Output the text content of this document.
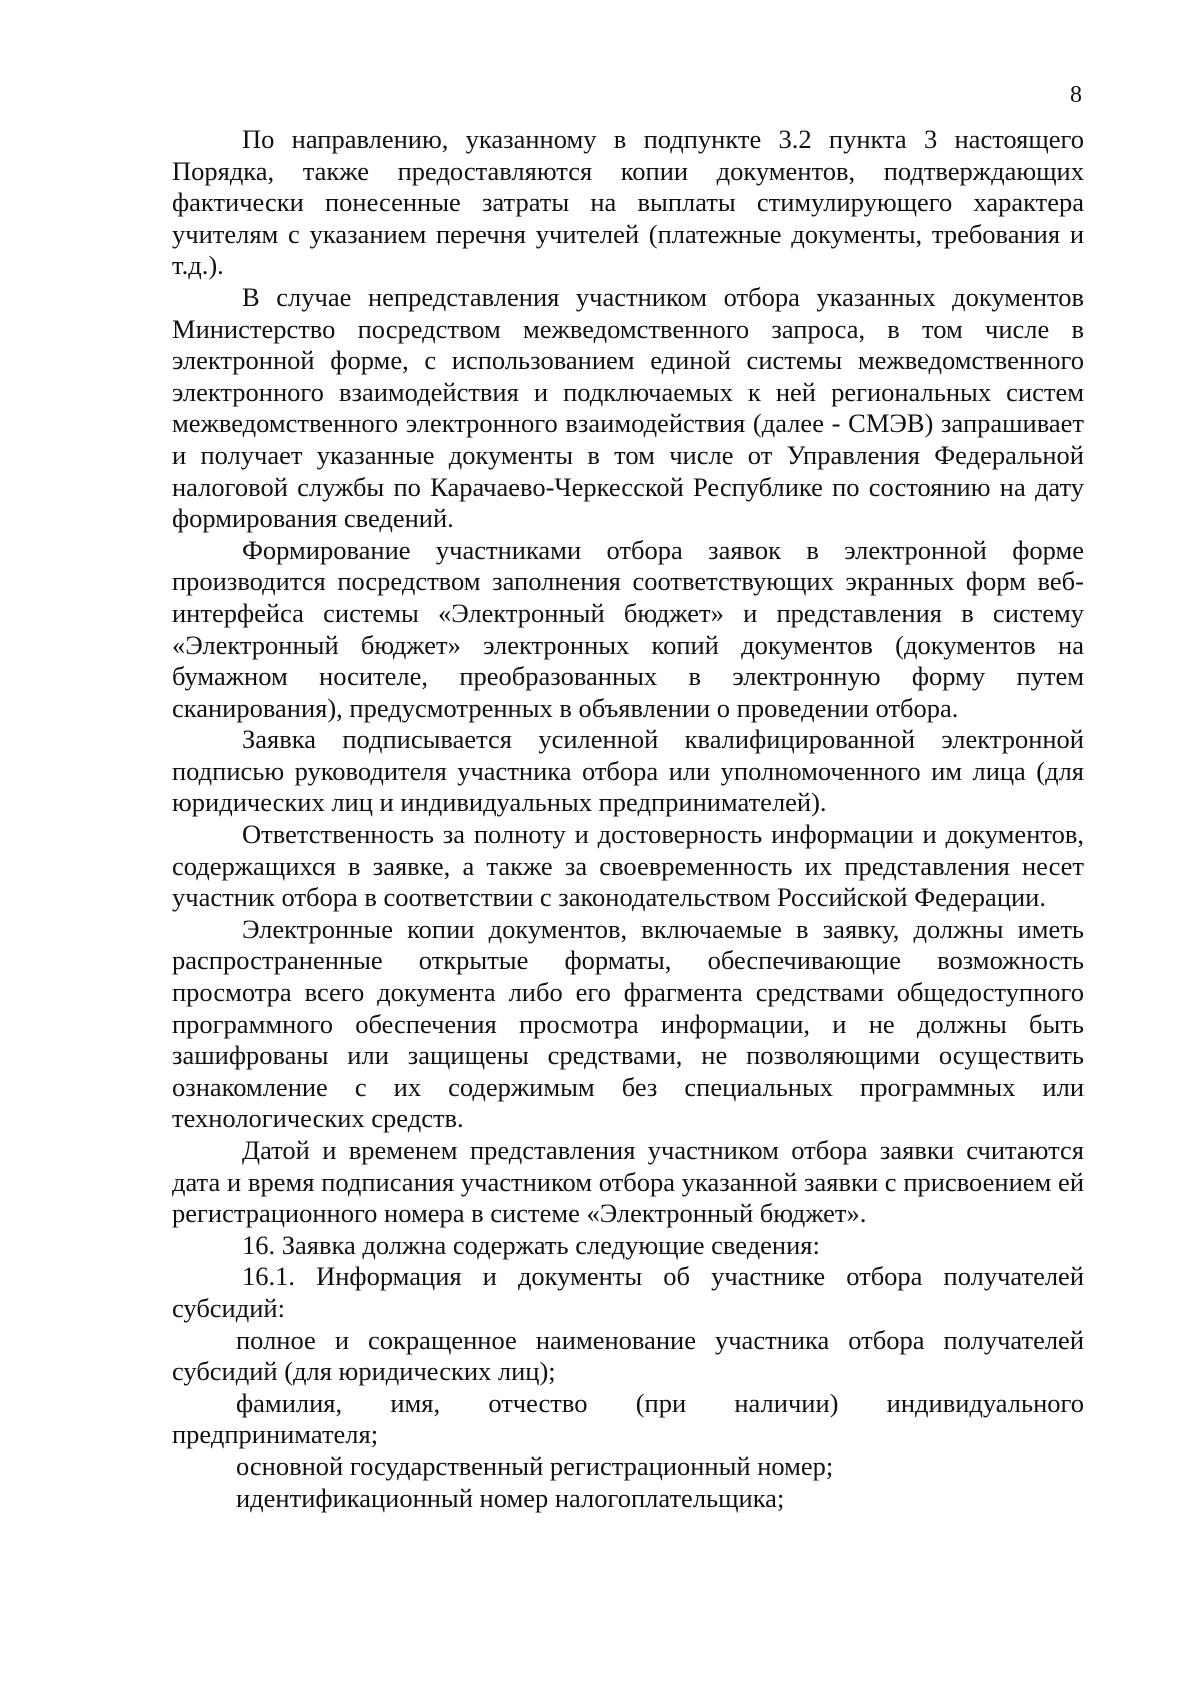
8

По направлению, указанному в подпункте 3.2 пункта 3 настоящего Порядка, также предоставляются копии документов, подтверждающих фактически понесенные затраты на выплаты стимулирующего характера учителям с указанием перечня учителей (платежные документы, требования и т.д.).

В случае непредставления участником отбора указанных документов Министерство посредством межведомственного запроса, в том числе в электронной форме, с использованием единой системы межведомственного электронного взаимодействия и подключаемых к ней региональных систем межведомственного электронного взаимодействия (далее - СМЭВ) запрашивает и получает указанные документы в том числе от Управления Федеральной налоговой службы по Карачаево-Черкесской Республике по состоянию на дату формирования сведений.

Формирование участниками отбора заявок в электронной форме производится посредством заполнения соответствующих экранных форм веб-интерфейса системы «Электронный бюджет» и представления в систему «Электронный бюджет» электронных копий документов (документов на бумажном носителе, преобразованных в электронную форму путем сканирования), предусмотренных в объявлении о проведении отбора.

Заявка подписывается усиленной квалифицированной электронной подписью руководителя участника отбора или уполномоченного им лица (для юридических лиц и индивидуальных предпринимателей).

Ответственность за полноту и достоверность информации и документов, содержащихся в заявке, а также за своевременность их представления несет участник отбора в соответствии с законодательством Российской Федерации.

Электронные копии документов, включаемые в заявку, должны иметь распространенные открытые форматы, обеспечивающие возможность просмотра всего документа либо его фрагмента средствами общедоступного программного обеспечения просмотра информации, и не должны быть зашифрованы или защищены средствами, не позволяющими осуществить ознакомление с их содержимым без специальных программных или технологических средств.

Датой и временем представления участником отбора заявки считаются дата и время подписания участником отбора указанной заявки с присвоением ей регистрационного номера в системе «Электронный бюджет».

16. Заявка должна содержать следующие сведения:

16.1. Информация и документы об участнике отбора получателей субсидий:

полное и сокращенное наименование участника отбора получателей субсидий (для юридических лиц);

фамилия, имя, отчество (при наличии) индивидуального предпринимателя;

основной государственный регистрационный номер;

идентификационный номер налогоплательщика;
